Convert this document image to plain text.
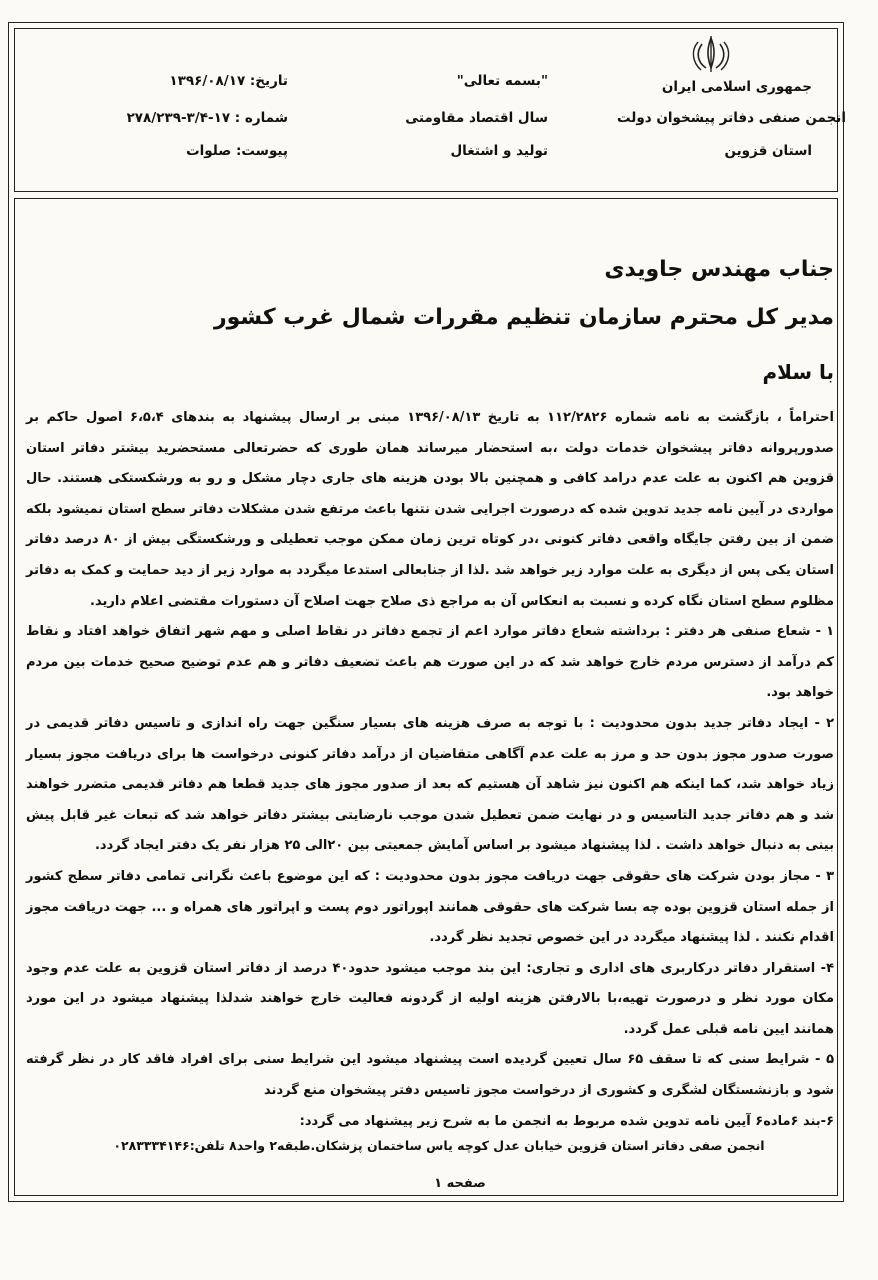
جمهوری اسلامی ایران
انجمن صنفی دفاتر پیشخوان دولت
استان قزوین
"بسمه تعالی"
سال اقتصاد مقاومتی
تولید و اشتغال
تاریخ: ۱۳۹۶/۰۸/۱۷
شماره : ۱۷-۳/۴-۲۷۸/۲۳۹
پیوست: صلوات
جناب مهندس جاویدی
مدیر کل محترم سازمان تنظیم مقررات شمال غرب کشور
با سلام

احتراماً ، بازگشت به نامه شماره ۱۱۲/۲۸۲۶ به تاریخ ۱۳۹۶/۰۸/۱۳ مبنی بر ارسال پیشنهاد به بندهای ۶،۵،۴ اصول حاکم بر صدورپروانه دفاتر پیشخوان خدمات دولت ،به استحضار میرساند همان طوری که حضرتعالی مستحضرید بیشتر دفاتر استان قزوین هم اکنون به علت عدم درامد کافی و همچنین بالا بودن هزینه های جاری دچار مشکل و رو به ورشکستکی هستند. حال مواردی در آیین نامه جدید تدوین شده که درصورت اجرایی شدن نتنها باعث مرتفع شدن مشکلات دفاتر سطح استان نمیشود بلکه ضمن از بین رفتن جایگاه واقعی دفاتر کنونی ،در کوتاه ترین زمان ممکن موجب تعطیلی و ورشکستگی بیش از ۸۰ درصد دفاتر استان یکی پس از دیگری به علت موارد زیر خواهد شد .لذا از جنابعالی استدعا میگردد به موارد زیر از دید حمایت و کمک به دفاتر مظلوم سطح استان نگاه کرده و نسبت به انعکاس آن به مراجع ذی صلاح جهت اصلاح آن دستورات مقتضی اعلام دارید.

۱ - شعاع صنفی هر دفتر : برداشته شعاع دفاتر موارد اعم از تجمع دفاتر در نقاط اصلی و مهم شهر اتفاق خواهد افتاد و نقاط کم درآمد از دسترس مردم خارج خواهد شد که در این صورت هم باعث تضعیف دفاتر و هم عدم توضیح صحیح خدمات بین مردم خواهد بود.

۲ - ایجاد دفاتر جدید بدون محدودیت : با توجه به صرف هزینه های بسیار سنگین جهت راه اندازی و تاسیس دفاتر قدیمی در صورت صدور مجوز بدون حد و مرز به علت عدم آگاهی متقاضیان از درآمد دفاتر کنونی درخواست ها برای دریافت مجوز بسیار زیاد خواهد شد، کما اینکه هم اکنون نیز شاهد آن هستیم که بعد از صدور مجوز های جدید قطعا هم دفاتر قدیمی متضرر خواهند شد و هم دفاتر جدید التاسیس و در نهایت ضمن تعطیل شدن موجب نارضایتی بیشتر دفاتر خواهد شد که تبعات غیر قابل پیش بینی به دنبال خواهد داشت . لذا پیشنهاد میشود بر اساس آمایش جمعیتی بین ۲۰الی ۲۵ هزار نفر یک دفتر ایجاد گردد.

۳ - مجاز بودن شرکت های حقوقی جهت دریافت مجوز بدون محدودیت : که این موضوع باعث نگرانی تمامی دفاتر سطح کشور از جمله استان قزوین بوده چه بسا شرکت های حقوقی همانند اپوراتور دوم پست و اپراتور های همراه و ... جهت دریافت مجوز اقدام نکنند . لذا پیشنهاد میگردد در این خصوص تجدید نظر گردد.

۴- استقرار دفاتر درکاربری های اداری و تجاری: این بند موجب میشود حدود۴۰ درصد از دفاتر استان قزوین به علت عدم وجود مکان مورد نظر و درصورت تهیه،با بالارفتن هزینه اولیه از گردونه فعالیت خارج خواهند شدلذا پیشنهاد میشود در این مورد همانند ایین نامه قبلی عمل گردد.

۵ - شرایط سنی که تا سقف ۶۵ سال تعیین گردیده است پیشنهاد میشود این شرایط سنی برای افراد فاقد کار در نظر گرفته شود و بازنشستگان لشگری و کشوری از درخواست مجوز تاسیس دفتر پیشخوان منع گردند

۶-بند ۶ماده۶ آیین نامه تدوین شده مربوط به انجمن ما به شرح زیر پیشنهاد می گردد:

انجمن صفی دفاتر استان قزوین خیابان عدل کوچه یاس ساختمان پزشکان.طبقه۲ واحد۸ تلفن:۰۲۸۳۳۳۴۱۴۶
صفحه ۱
